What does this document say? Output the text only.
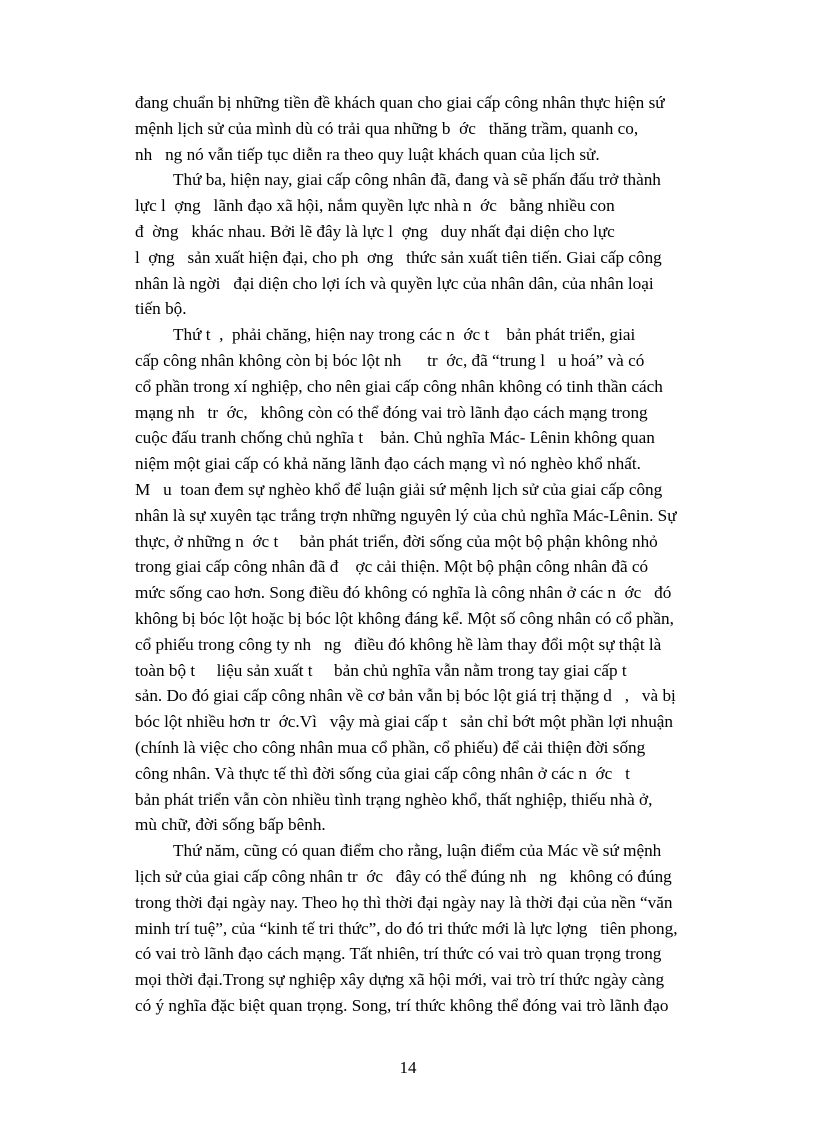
đang chuẩn bị những tiền đề khách quan cho giai cấp công nhân thực hiện sứ
mệnh lịch sử của mình dù có trải qua những b  ớc   thăng trầm, quanh co,
nh   ng nó vẫn tiếp tục diễn ra theo quy luật khách quan của lịch sử.
Thứ ba, hiện nay, giai cấp công nhân đã, đang và sẽ phấn đấu trở thành
lực l  ợng   lãnh đạo xã hội, nắm quyền lực nhà n  ớc   bằng nhiều con
đ  ờng   khác nhau. Bởi lẽ đây là lực l  ợng   duy nhất đại diện cho lực
l  ợng   sản xuất hiện đại, cho ph  ơng   thức sản xuất tiên tiến. Giai cấp công
nhân là ngời   đại diện cho lợi ích và quyền lực của nhân dân, của nhân loại
tiến bộ.
Thứ t  ,  phải chăng, hiện nay trong các n  ớc t    bản phát triển, giai
cấp công nhân không còn bị bóc lột nh      tr  ớc, đã “trung l   u hoá” và có
cổ phần trong xí nghiệp, cho nên giai cấp công nhân không có tinh thần cách
mạng nh   tr  ớc,   không còn có thể đóng vai trò lãnh đạo cách mạng trong
cuộc đấu tranh chống chủ nghĩa t    bản. Chủ nghĩa Mác- Lênin không quan
niệm một giai cấp có khả năng lãnh đạo cách mạng vì nó nghèo khổ nhất.
M   u  toan đem sự nghèo khổ để luận giải sứ mệnh lịch sử của giai cấp công
nhân là sự xuyên tạc trắng trợn những nguyên lý của chủ nghĩa Mác-Lênin. Sự
thực, ở những n  ớc t     bản phát triển, đời sống của một bộ phận không nhỏ
trong giai cấp công nhân đã đ    ợc cải thiện. Một bộ phận công nhân đã có
mức sống cao hơn. Song điều đó không có nghĩa là công nhân ở các n  ớc   đó
không bị bóc lột hoặc bị bóc lột không đáng kể. Một số công nhân có cổ phần,
cổ phiếu trong công ty nh   ng   điều đó không hề làm thay đổi một sự thật là
toàn bộ t     liệu sản xuất t     bản chủ nghĩa vẫn nằm trong tay giai cấp t
sản. Do đó giai cấp công nhân về cơ bản vẫn bị bóc lột giá trị thặng d   ,   và bị
bóc lột nhiều hơn tr  ớc.Vì   vậy mà giai cấp t   sản chỉ bớt một phần lợi nhuận
(chính là việc cho công nhân mua cổ phần, cổ phiếu) để cải thiện đời sống
công nhân. Và thực tế thì đời sống của giai cấp công nhân ở các n  ớc   t
bản phát triển vẫn còn nhiều tình trạng nghèo khổ, thất nghiệp, thiếu nhà ở,
mù chữ, đời sống bấp bênh.
Thứ năm, cũng có quan điểm cho rằng, luận điểm của Mác về sứ mệnh
lịch sử của giai cấp công nhân tr  ớc   đây có thể đúng nh   ng   không có đúng
trong thời đại ngày nay. Theo họ thì thời đại ngày nay là thời đại của nền “văn
minh trí tuệ”, của “kinh tế tri thức”, do đó tri thức mới là lực lợng   tiên phong,
có vai trò lãnh đạo cách mạng. Tất nhiên, trí thức có vai trò quan trọng trong
mọi thời đại.Trong sự nghiệp xây dựng xã hội mới, vai trò trí thức ngày càng
có ý nghĩa đặc biệt quan trọng. Song, trí thức không thể đóng vai trò lãnh đạo
14
